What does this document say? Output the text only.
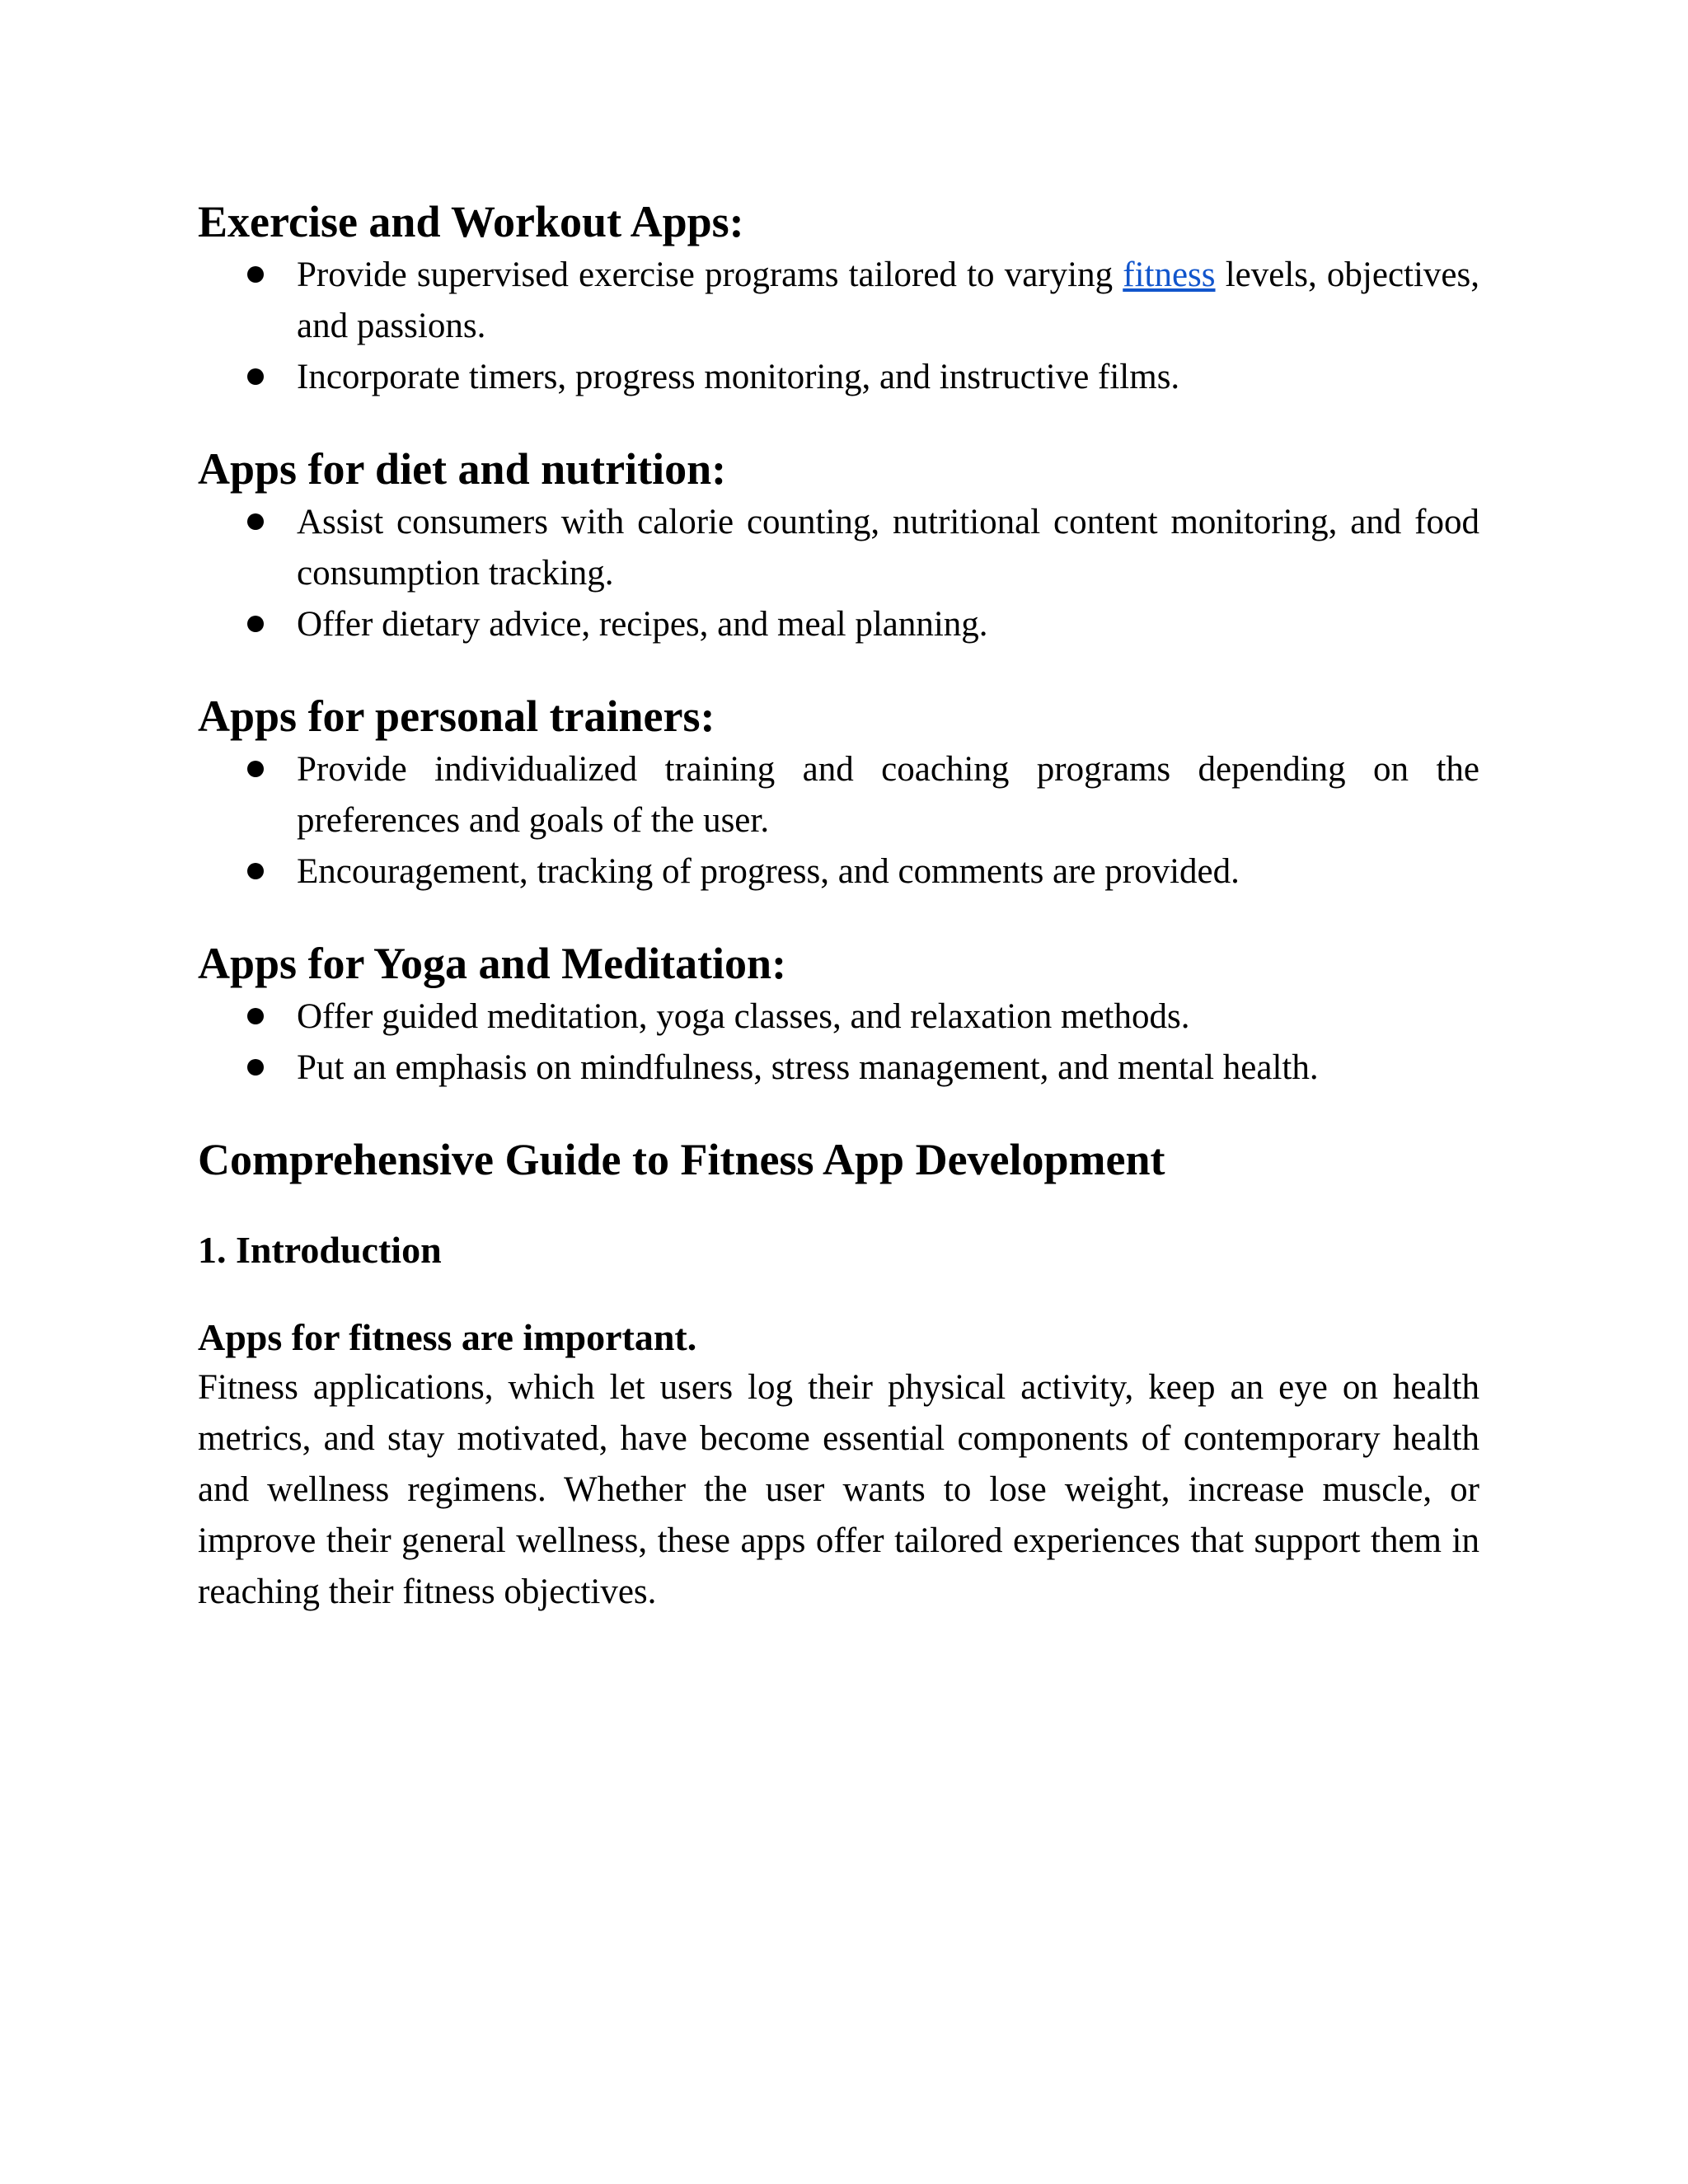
Exercise and Workout Apps:
Provide supervised exercise programs tailored to varying fitness levels, objectives, and passions.
Incorporate timers, progress monitoring, and instructive films.
Apps for diet and nutrition:
Assist consumers with calorie counting, nutritional content monitoring, and food consumption tracking.
Offer dietary advice, recipes, and meal planning.
Apps for personal trainers:
Provide individualized training and coaching programs depending on the preferences and goals of the user.
Encouragement, tracking of progress, and comments are provided.
Apps for Yoga and Meditation:
Offer guided meditation, yoga classes, and relaxation methods.
Put an emphasis on mindfulness, stress management, and mental health.
Comprehensive Guide to Fitness App Development
1. Introduction
Apps for fitness are important.

Fitness applications, which let users log their physical activity, keep an eye on health metrics, and stay motivated, have become essential components of contemporary health and wellness regimens. Whether the user wants to lose weight, increase muscle, or improve their general wellness, these apps offer tailored experiences that support them in reaching their fitness objectives.
